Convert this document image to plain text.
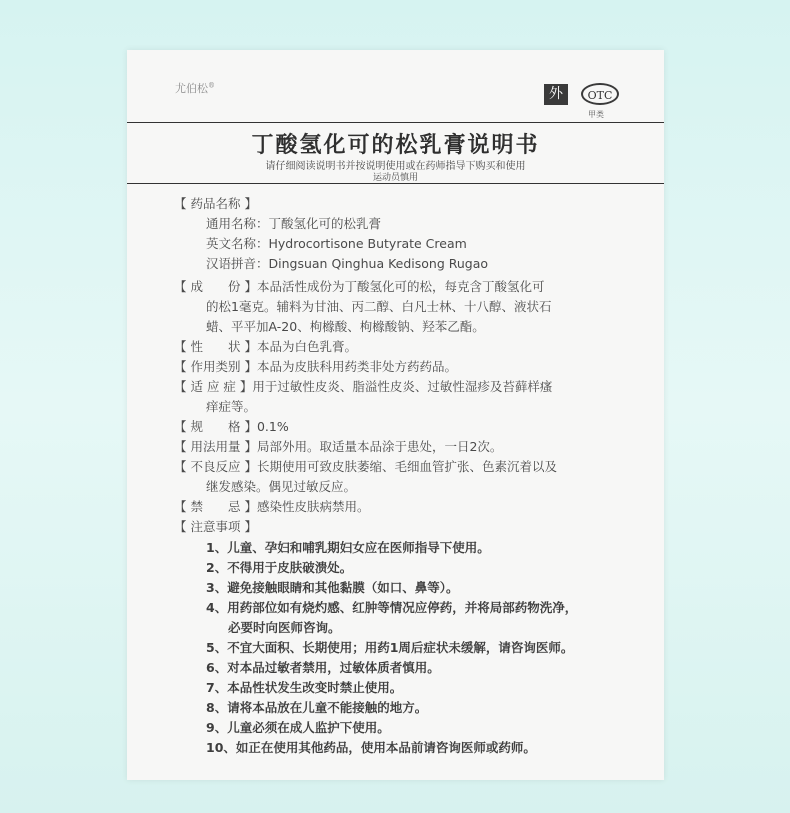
尤伯松®
外	OTC
甲类
丁酸氢化可的松乳膏说明书
请仔细阅读说明书并按说明使用或在药师指导下购买和使用
运动员慎用
【 药品名称 】
通用名称：丁酸氢化可的松乳膏
英文名称：Hydrocortisone Butyrate Cream
汉语拼音：Dingsuan Qinghua Kedisong Rugao
【 成　　份 】本品活性成份为丁酸氢化可的松，每克含丁酸氢化可
的松1毫克。辅料为甘油、丙二醇、白凡士林、十八醇、液状石
蜡、平平加A-20、枸橼酸、枸橼酸钠、羟苯乙酯。
【 性　　状 】本品为白色乳膏。
【 作用类别 】本品为皮肤科用药类非处方药药品。
【 适 应 症 】用于过敏性皮炎、脂溢性皮炎、过敏性湿疹及苔藓样瘙
痒症等。
【 规　　格 】0.1%
【 用法用量 】局部外用。取适量本品涂于患处，一日2次。
【 不良反应 】长期使用可致皮肤萎缩、毛细血管扩张、色素沉着以及
继发感染。偶见过敏反应。
【 禁　　忌 】感染性皮肤病禁用。
【 注意事项 】
1、儿童、孕妇和哺乳期妇女应在医师指导下使用。
2、不得用于皮肤破溃处。
3、避免接触眼睛和其他黏膜（如口、鼻等）。
4、用药部位如有烧灼感、红肿等情况应停药，并将局部药物洗净，
必要时向医师咨询。
5、不宜大面积、长期使用；用药1周后症状未缓解，请咨询医师。
6、对本品过敏者禁用，过敏体质者慎用。
7、本品性状发生改变时禁止使用。
8、请将本品放在儿童不能接触的地方。
9、儿童必须在成人监护下使用。
10、如正在使用其他药品，使用本品前请咨询医师或药师。
